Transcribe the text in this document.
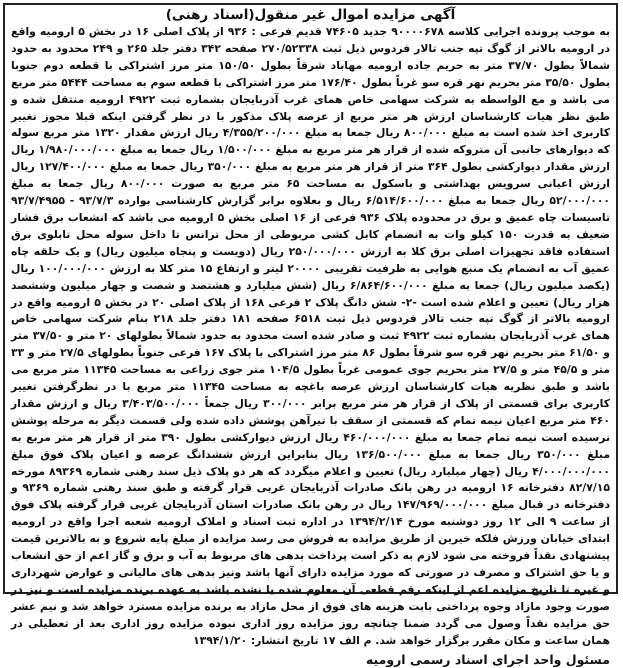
آگهی مزایده اموال غیر منقول(اسناد رهنی)

به موجب پرونده اجرایی کلاسه ۹۰۰۰۰۶۷۸ جدید ۷۴۶۰۵ قدیم فرعی : ۹۳۶ از پلاک اصلی ۱۶ در بخش ۵ ارومیه واقع در ارومیه بالاتر از گوگ تپه جنب تالار فردوس ذیل ثبت ۲۷۰/۵۲۳۳۸ صفحه ۳۴۲ دفتر جلد ۲۶۵ و ۲۴۹ محدود به حدود شمالاً بطول ۳۷/۷۰ متر به حریم جاده ارومیه مهاباد شرقاً بطول ۱۵۰/۵۰ متر مرز اشتراکی با قطعه دوم جنوبا بطول ۳۵/۵۰ متر بحریم نهر قره سو غرباً بطول ۱۷۶/۴۰ متر مرز اشتراکی با قطعه سوم به مساحت ۵۴۴۴ متر مربع می باشد و مع الواسطه به شرکت سهامی خاص همای غرب آذربایجان بشماره ثبت ۴۹۲۲ ارومیه منتقل شده و طبق نظر هیات کارشناسان ارزش هر متر مربع از عرصه پلاک مذکور با در نظر گرفتن اینکه قبلا مجوز تغییر کاربری اخذ شده است به مبلغ ۸۰۰/۰۰۰ ریال جمعا به مبلغ ۴/۳۵۵/۲۰۰/۰۰۰ ریال ارزش مقدار ۱۳۲۰ متر مربع سوله که دیوارهای جانبی آن متروکه شده از قرار هر متر مربع به مبلغ ۱/۵۰۰/۰۰۰ ریال جمعا به مبلغ ۱/۹۸۰/۰۰۰/۰۰۰ ریال ارزش مقدار دیوارکشی بطول ۳۶۴ متر از قرار هر متر مربع به مبلغ ۳۵۰/۰۰۰ ریال جمعا به مبلغ ۱۲۷/۴۰۰/۰۰۰ ریال ارزش اعیانی سرویس بهداشتی و باسکول به مساحت ۶۵ متر مربع به صورت ۸۰۰/۰۰۰ ریال جمعا به مبلغ ۵۲/۰۰۰/۰۰۰ ریال جمعا به مبلغ ۶/۵۱۴/۶۰۰/۰۰۰ ریال و بعلاوه برابر گزارش کارشناسی بوارده ۹۳/۷/۳ - ۹۳/۷/۴۹۵۵ تاسیسات چاه عمیق و برق در محدوده پلاک ۹۳۶ فرعی از ۱۶ اصلی بخش ۵ ارومیه می باشد که انشعاب برق فشار ضعیف به قدرت ۱۵۰ کیلو وات به انضمام کابل کشی مربوطی از محل ترانس تا داخل سوله محل تابلوی برق استفاده فاقد تجهیزات اصلی برق کلا به ارزش ۲۵۰/۰۰۰/۰۰۰ ریال (دویست و پنجاه میلیون ریال) و یک حلقه چاه عمیق آب به انضمام یک منبع هوایی به ظرفیت تقریبی ۲۰۰۰۰ لیتر و ارتفاع ۱۵ متر کلا به ارزش ۱۰۰/۰۰۰/۰۰۰ ریال (یکصد میلیون ریال) جمعا به مبلغ ۶/۸۶۴/۶۰۰/۰۰۰ ریال (شش میلیارد و هشتصد و شصت و چهار میلیون وششصد هزار ریال) تعیین و اعلام شده است -۲- شش دانگ پلاک ۲ فرعی ۱۶۸ از پلاک اصلی ۲۰ در بخش ۵ ارومیه واقع در ارومیه بالاتر از گوگ تپه جنب تالار فردوس ذیل ثبت ۶۵۱۸ صفحه ۱۸۱ دفتر جلد ۲۱۸ بنام شرکت سهامی خاص همای غرب آذربایجان بشماره ثبت ۴۹۲۲ ثبت و صادر شده است محدود به حدود شمالاً بطولهای ۲۰ متر و ۳۷/۵۰ متر و ۶۱/۵۰ متر بحریم نهر قره سو شرقاً بطول ۸۶ متر مرز اشتراکی با پلاک ۱۶۷ فرعی جنوباً بطولهای ۲۷/۵ متر و ۳۳ متر و ۴۵/۵ متر و ۲۷/۵ متر بحریم جوی عمومی غرباً بطول ۱۰۴/۵ متر جوی زراعی به مساحت ۱۱۳۴۵ متر مربع می باشد و طبق نظریه هیات کارشناسان ارزش عرصه باغچه به مساحت ۱۱۳۴۵ متر مربع با در نظرگرفتن تغییر کاربری برای قسمتی از پلاک از قرار هر متر مربع برابر ۳۰۰/۰۰۰ ریال جمعاً ۳/۴۰۳/۵۰۰/۰۰۰ ریال و ارزش مقدار ۴۶۰ متر مربع اعیان نیمه تمام که قسمتی از سقف با تیرآهن پوشش داده شده ولی قسمت دیگر به مرحله پوشش نرسیده است نیمه تمام جمعا به مبلغ ۴۶۰/۰۰۰/۰۰۰ ریال ارزش دیوارکشی بطول ۳۹۰ متر از قرار هر متر مربع به مبلغ ۳۵۰/۰۰۰ ریال جمعا به مبلغ ۱۳۶/۵۰۰/۰۰۰ ریال بنابراین ارزش ششدانگ عرصه و اعیان پلاک فوق مبلغ ۴/۰۰۰/۰۰۰/۰۰۰ ریال (چهار میلیارد ریال) تعیین و اعلام میگردد که هر دو پلاک ذیل سند رهنی شماره ۸۹۳۶۹ مورخه ۸۲/۷/۱۵ دفترخانه ۱۶ ارومیه در رهن بانک صادرات آذربایجان غربی قرار گرفته و طبق سند رهنی شماره ۹۳۶۹ و دفترخانه در قبال مبلغ ۱۴۷/۹۶۹/۰۰۰/۰۰۰ ریال در رهن بانک صادرات استان آذربایجان غربی قرار گرفته پلاک فوق از ساعت ۹ الی ۱۲ روز دوشنبه مورخ ۱۳۹۴/۲/۱۴ در اداره ثبت اسناد و املاک ارومیه شعبه اجرا واقع در ارومیه ابتدای خیابان ورزش فلکه خیرین از طریق مزایده به فروش می رسد مزایده از مبلغ پایه شروع و به بالاترین قیمت پیشنهادی نقداً فروخته می شود لازم به ذکر است پرداخت بدهی های مربوط به آب و برق و گاز اعم از حق انشعاب و یا حق اشتراک و مصرف در صورتی که مورد مزایده دارای آنها باشد ونیز بدهی های مالیاتی و عوارض شهرداری و غیره تا تاریخ مزایده اعم از اینکه رقم قطعی آن معلوم شده یا نشده باشد به عهده برنده مزایده است و نیز در صورت وجود مازاد وجوه پرداختی بابت هزینه های فوق از محل مازاد به برنده مزایده مسترد خواهد شد و نیم عشر حق مزایده نقداً وصول می گردد ضمنا چنانچه روز مزایده روز اداری نبوده مزایده روز اداری بعد از تعطیلی در همان ساعت و مکان مقرر برگزار خواهد شد. م الف ۱۷ تاریخ انتشار: ۱۳۹۴/۱/۲۰

مسئول واحد اجرای اسناد رسمی ارومیه
